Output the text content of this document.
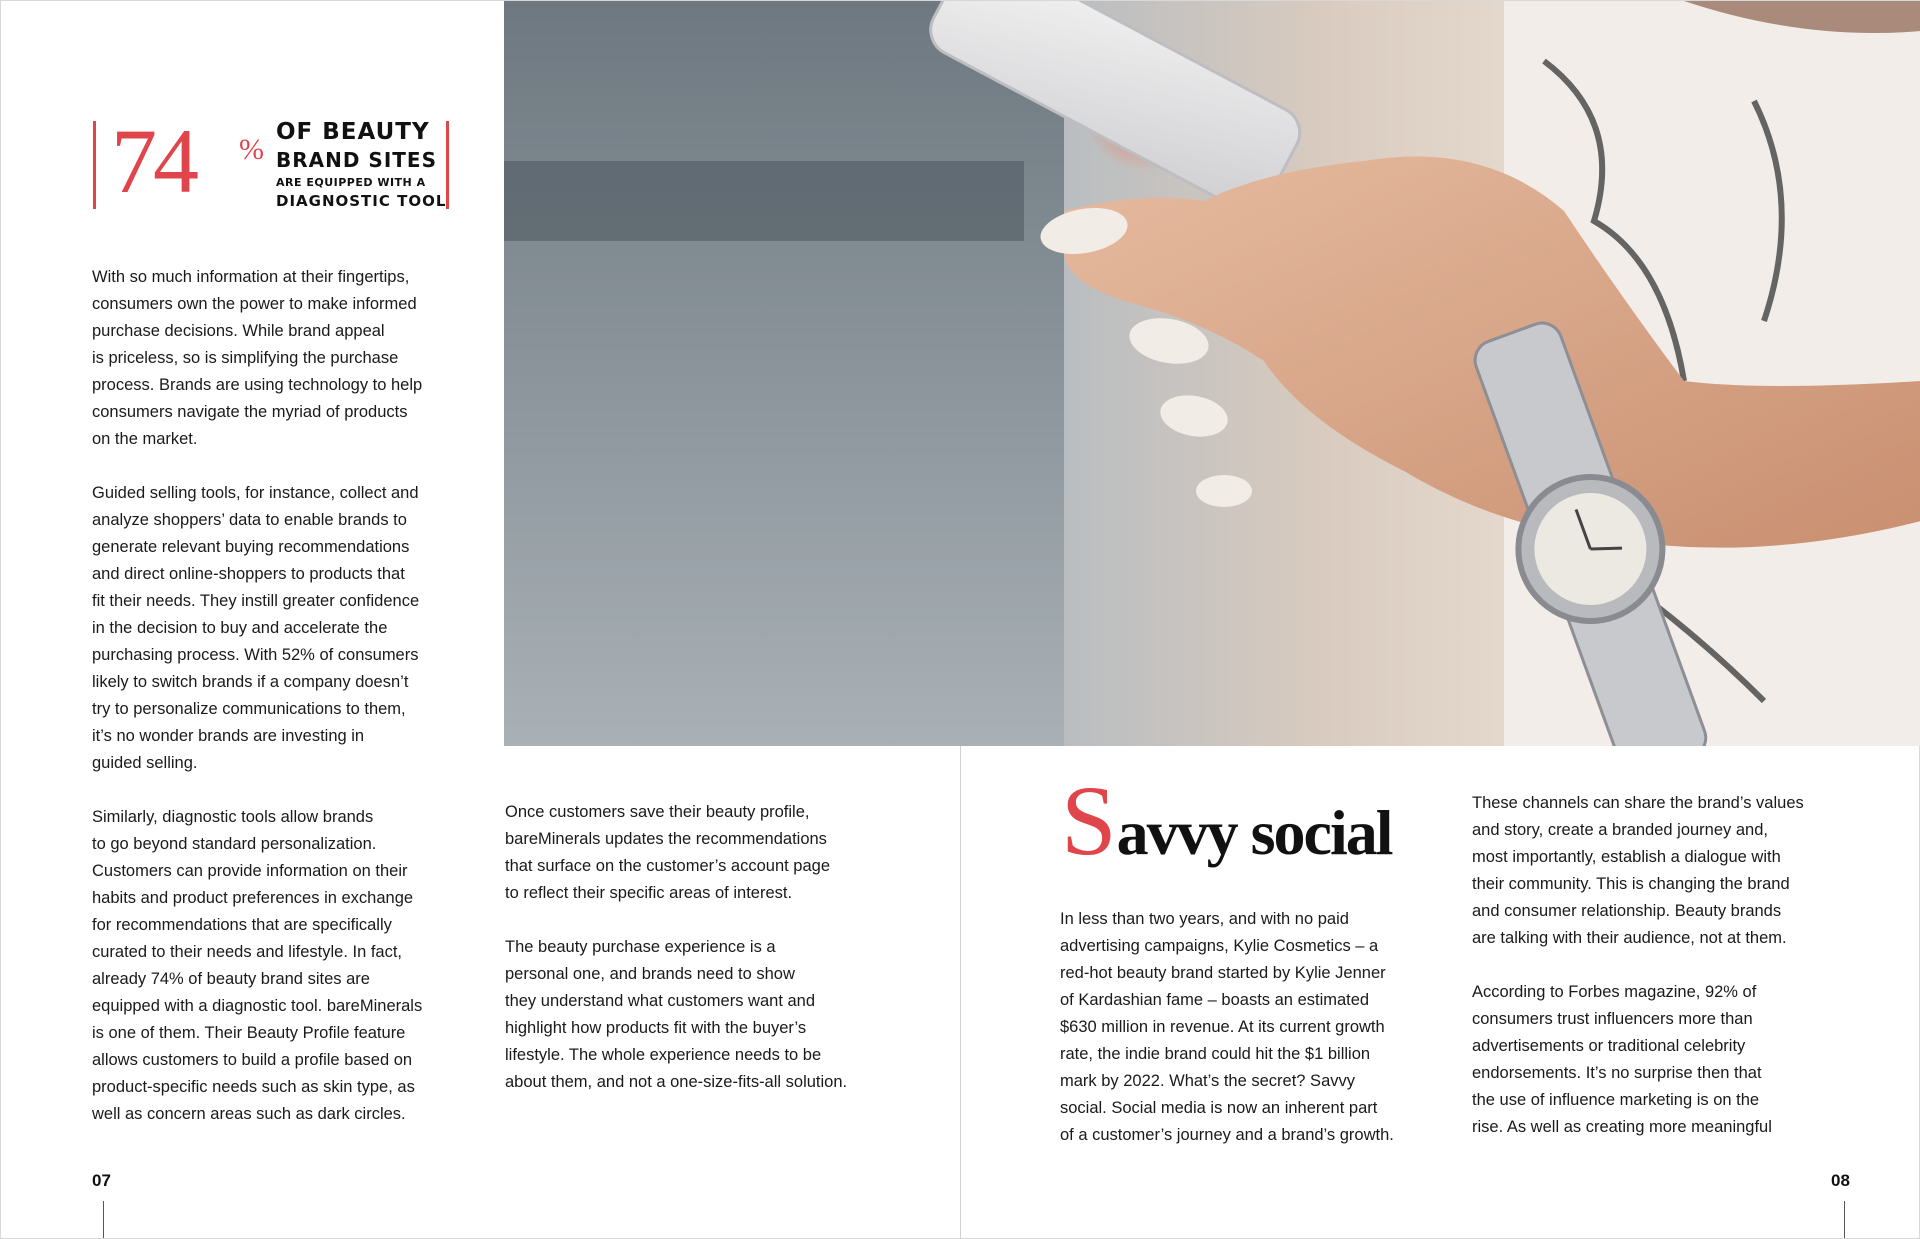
74 %
OF BEAUTY
BRAND SITES
ARE EQUIPPED WITH A
DIAGNOSTIC TOOL

With so much information at their fingertips,
consumers own the power to make informed
purchase decisions. While brand appeal
is priceless, so is simplifying the purchase
process. Brands are using technology to help
consumers navigate the myriad of products
on the market.

Guided selling tools, for instance, collect and
analyze shoppers’ data to enable brands to
generate relevant buying recommendations
and direct online-shoppers to products that
fit their needs. They instill greater confidence
in the decision to buy and accelerate the
purchasing process. With 52% of consumers
likely to switch brands if a company doesn’t
try to personalize communications to them,
it’s no wonder brands are investing in
guided selling.

Similarly, diagnostic tools allow brands
to go beyond standard personalization.
Customers can provide information on their
habits and product preferences in exchange
for recommendations that are specifically
curated to their needs and lifestyle. In fact,
already 74% of beauty brand sites are
equipped with a diagnostic tool. bareMinerals
is one of them. Their Beauty Profile feature
allows customers to build a profile based on
product-specific needs such as skin type, as
well as concern areas such as dark circles.

Once customers save their beauty profile,
bareMinerals updates the recommendations
that surface on the customer’s account page
to reflect their specific areas of interest.

The beauty purchase experience is a
personal one, and brands need to show
they understand what customers want and
highlight how products fit with the buyer’s
lifestyle. The whole experience needs to be
about them, and not a one-size-fits-all solution.

Savvy social

In less than two years, and with no paid
advertising campaigns, Kylie Cosmetics – a
red-hot beauty brand started by Kylie Jenner
of Kardashian fame – boasts an estimated
$630 million in revenue. At its current growth
rate, the indie brand could hit the $1 billion
mark by 2022. What’s the secret? Savvy
social. Social media is now an inherent part
of a customer’s journey and a brand’s growth.

These channels can share the brand’s values
and story, create a branded journey and,
most importantly, establish a dialogue with
their community. This is changing the brand
and consumer relationship. Beauty brands
are talking with their audience, not at them.

According to Forbes magazine, 92% of
consumers trust influencers more than
advertisements or traditional celebrity
endorsements. It’s no surprise then that
the use of influence marketing is on the
rise. As well as creating more meaningful

07	08
